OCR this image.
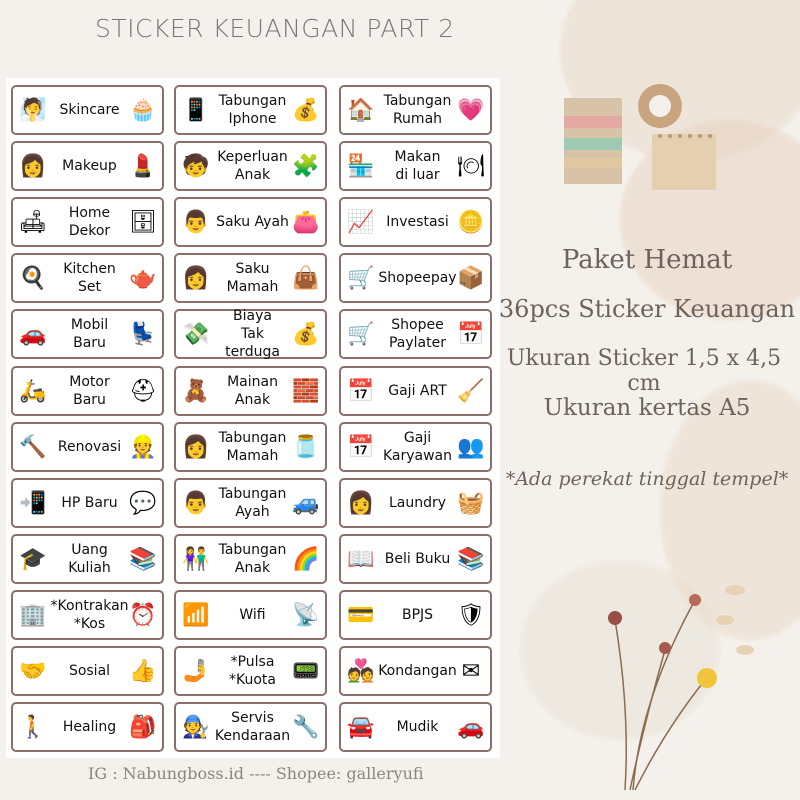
STICKER KEUANGAN PART 2
🧖 Skincare 🧁 📱 Tabungan
Iphone 💰 🏠 Tabungan
Rumah 💗
👩	Makeup 💄 🧒 Keperluan
Anak	🧩 🏪	Makan
di luar 🍽
🛋	Home Dekor 🗄 👨 Saku Ayah 👛 📈 Investasi 🪙
🍳	Kitchen
Set	🫖 👩	Saku Mamah 👜 🛒 Shopeepay 📦
🚗	Mobil
Baru	💺 💸
Biaya
Tak terduga
💰 🛒	Shopee
Paylater 📅
🛵	Motor
Baru	⛑ 🧸	Mainan
Anak	🧱 📅 Gaji ART 🧹
🔨 Renovasi 👷 👩 Tabungan
Mamah 🫙 📅	Gaji Karyawan 👥
📲	HP Baru 💬 👨 Tabungan
Ayah	🚙 👩	Laundry 🧺
🎓	Uang
Kuliah 📚 👫 Tabungan
Anak	🌈 📖 Beli Buku 📚
🏢 *Kontrakan
*Kos	⏰ 📶	Wifi	📡 💳	BPJS	🛡
🤝	Sosial 👍 🤳	*Pulsa
*Kuota 📟 💑 Kondangan ✉
🚶	Healing 🎒 🧑‍🔧	Servis
Kendaraan 🔧 🚘	Mudik 🚗
Paket Hemat
36pcs Sticker Keuangan
Ukuran Sticker 1,5 x 4,5 cm
Ukuran kertas A5
*Ada perekat tinggal tempel*
IG : Nabungboss.id ---- Shopee: galleryufi
